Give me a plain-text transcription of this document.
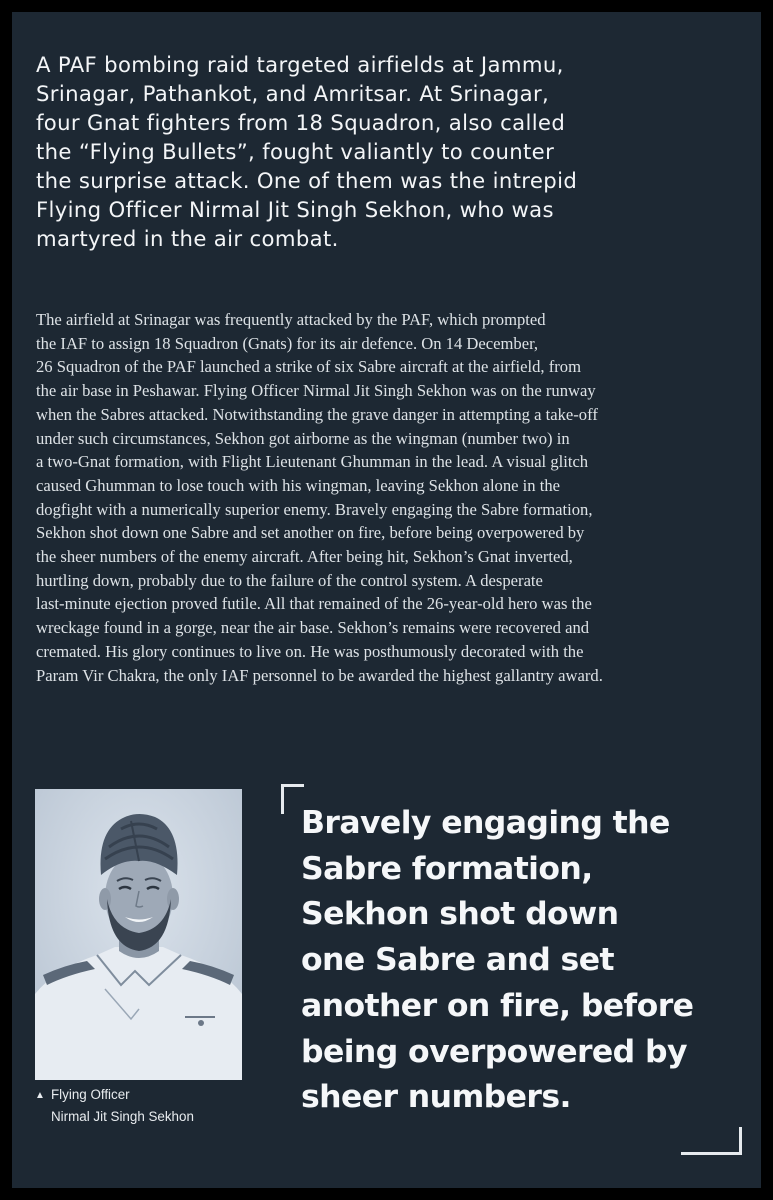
A PAF bombing raid targeted airfields at Jammu,
Srinagar, Pathankot, and Amritsar. At Srinagar,
four Gnat fighters from 18 Squadron, also called
the “Flying Bullets”, fought valiantly to counter
the surprise attack. One of them was the intrepid
Flying Officer Nirmal Jit Singh Sekhon, who was
martyred in the air combat.

The airfield at Srinagar was frequently attacked by the PAF, which prompted
the IAF to assign 18 Squadron (Gnats) for its air defence. On 14 December,
26 Squadron of the PAF launched a strike of six Sabre aircraft at the airfield, from
the air base in Peshawar. Flying Officer Nirmal Jit Singh Sekhon was on the runway
when the Sabres attacked. Notwithstanding the grave danger in attempting a take-off
under such circumstances, Sekhon got airborne as the wingman (number two) in
a two-Gnat formation, with Flight Lieutenant Ghumman in the lead. A visual glitch
caused Ghumman to lose touch with his wingman, leaving Sekhon alone in the
dogfight with a numerically superior enemy. Bravely engaging the Sabre formation,
Sekhon shot down one Sabre and set another on fire, before being overpowered by
the sheer numbers of the enemy aircraft. After being hit, Sekhon’s Gnat inverted,
hurtling down, probably due to the failure of the control system. A desperate
last-minute ejection proved futile. All that remained of the 26-year-old hero was the
wreckage found in a gorge, near the air base. Sekhon’s remains were recovered and
cremated. His glory continues to live on. He was posthumously decorated with the
Param Vir Chakra, the only IAF personnel to be awarded the highest gallantry award.

▲ Flying Officer
Nirmal Jit Singh Sekhon

Bravely engaging the
Sabre formation,
Sekhon shot down
one Sabre and set
another on fire, before
being overpowered by
sheer numbers.
